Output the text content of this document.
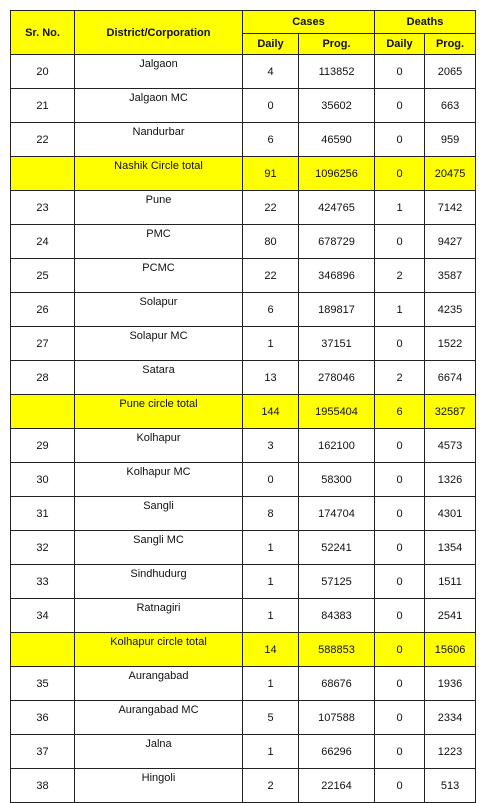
Sr. No.	District/Corporation	Cases		Deaths	
		Daily	Prog.	Daily	Prog.
20	Jalgaon	4	113852	0	2065
21	Jalgaon MC	0	35602	0	663
22	Nandurbar	6	46590	0	959
	Nashik Circle total	91	1096256	0	20475
23	Pune	22	424765	1	7142
24	PMC	80	678729	0	9427
25	PCMC	22	346896	2	3587
26	Solapur	6	189817	1	4235
27	Solapur MC	1	37151	0	1522
28	Satara	13	278046	2	6674
	Pune circle total	144	1955404	6	32587
29	Kolhapur	3	162100	0	4573
30	Kolhapur MC	0	58300	0	1326
31	Sangli	8	174704	0	4301
32	Sangli MC	1	52241	0	1354
33	Sindhudurg	1	57125	0	1511
34	Ratnagiri	1	84383	0	2541
	Kolhapur circle total	14	588853	0	15606
35	Aurangabad	1	68676	0	1936
36	Aurangabad MC	5	107588	0	2334
37	Jalna	1	66296	0	1223
38	Hingoli	2	22164	0	513
